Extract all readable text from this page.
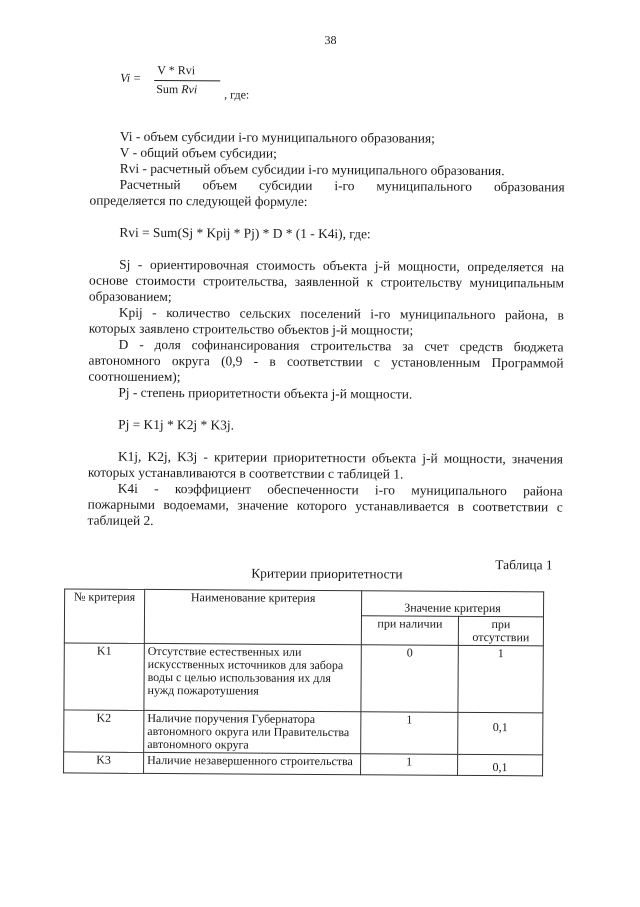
38
Vi =
V * Rvi
Sum Rvi , где:
Vi - объем субсидии i-го муниципального образования;
V - общий объем субсидии;
Rvi - расчетный объем субсидии i-го муниципального образования.
Расчетный объем субсидии i-го муниципального образования
определяется по следующей формуле:
Rvi = Sum(Sj * Kpij * Pj) * D * (1 - K4i), где:
Sj - ориентировочная стоимость объекта j-й мощности, определяется на
основе стоимости строительства, заявленной к строительству муниципальным
образованием;
Kpij - количество сельских поселений i-го муниципального района, в
которых заявлено строительство объектов j-й мощности;
D - доля софинансирования строительства за счет средств бюджета
автономного округа (0,9 - в соответствии с установленным Программой
соотношением);
Pj - степень приоритетности объекта j-й мощности.
Pj = K1j * K2j * K3j.
K1j, K2j, K3j - критерии приоритетности объекта j-й мощности, значения
которых устанавливаются в соответствии с таблицей 1.
K4i - коэффициент обеспеченности i-го муниципального района
пожарными водоемами, значение которого устанавливается в соответствии с
таблицей 2.
Таблица 1
Критерии приоритетности
№ критерия	Наименование критерия	Значение критерия	
		при наличии	при отсутствии
K1	Отсутствие естественных или искусственных источников для забора воды с целью использования их для нужд пожаротушения	0	1
K2	Наличие поручения Губернатора автономного округа или Правительства автономного округа	1	0,1
K3	Наличие незавершенного строительства	1	0,1
